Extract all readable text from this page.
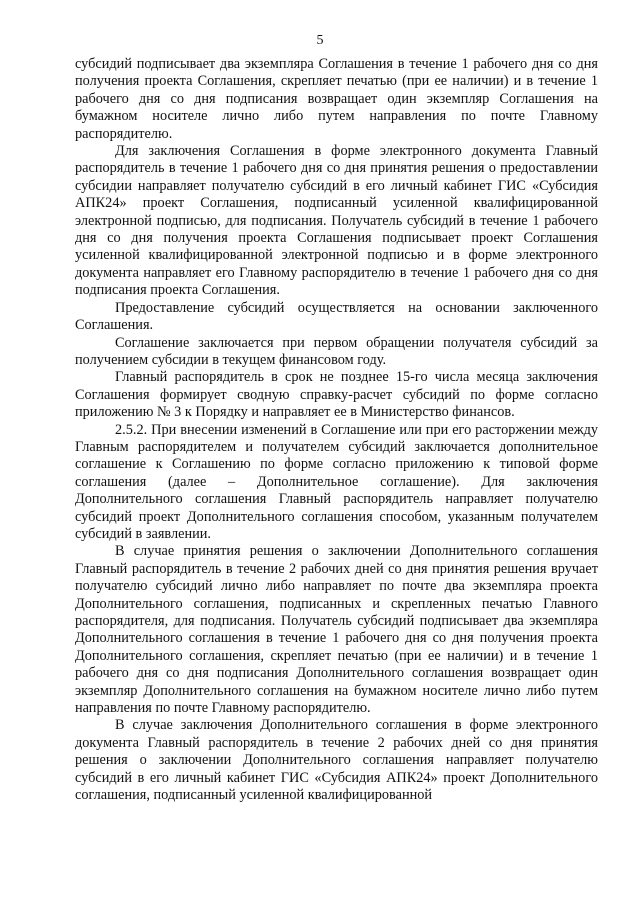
5

субсидий подписывает два экземпляра Соглашения в течение 1 рабочего дня со дня получения проекта Соглашения, скрепляет печатью (при ее наличии) и в течение 1 рабочего дня со дня подписания возвращает один экземпляр Соглашения на бумажном носителе лично либо путем направления по почте Главному распорядителю.

Для заключения Соглашения в форме электронного документа Главный распорядитель в течение 1 рабочего дня со дня принятия решения о предоставлении субсидии направляет получателю субсидий в его личный кабинет ГИС «Субсидия АПК24» проект Соглашения, подписанный усиленной квалифицированной электронной подписью, для подписания. Получатель субсидий в течение 1 рабочего дня со дня получения проекта Соглашения подписывает проект Соглашения усиленной квалифицированной электронной подписью и в форме электронного документа направляет его Главному распорядителю в течение 1 рабочего дня со дня подписания проекта Соглашения.

Предоставление субсидий осуществляется на основании заключенного Соглашения.

Соглашение заключается при первом обращении получателя субсидий за получением субсидии в текущем финансовом году.

Главный распорядитель в срок не позднее 15-го числа месяца заключения Соглашения формирует сводную справку-расчет субсидий по форме согласно приложению № 3 к Порядку и направляет ее в Министерство финансов.

2.5.2. При внесении изменений в Соглашение или при его расторжении между Главным распорядителем и получателем субсидий заключается дополнительное соглашение к Соглашению по форме согласно приложению к типовой форме соглашения (далее – Дополнительное соглашение). Для заключения Дополнительного соглашения Главный распорядитель направляет получателю субсидий проект Дополнительного соглашения способом, указанным получателем субсидий в заявлении.

В случае принятия решения о заключении Дополнительного соглашения Главный распорядитель в течение 2 рабочих дней со дня принятия решения вручает получателю субсидий лично либо направляет по почте два экземпляра проекта Дополнительного соглашения, подписанных и скрепленных печатью Главного распорядителя, для подписания. Получатель субсидий подписывает два экземпляра Дополнительного соглашения в течение 1 рабочего дня со дня получения проекта Дополнительного соглашения, скрепляет печатью (при ее наличии) и в течение 1 рабочего дня со дня подписания Дополнительного соглашения возвращает один экземпляр Дополнительного соглашения на бумажном носителе лично либо путем направления по почте Главному распорядителю.

В случае заключения Дополнительного соглашения в форме электронного документа Главный распорядитель в течение 2 рабочих дней со дня принятия решения о заключении Дополнительного соглашения направляет получателю субсидий в его личный кабинет ГИС «Субсидия АПК24» проект Дополнительного соглашения, подписанный усиленной квалифицированной
